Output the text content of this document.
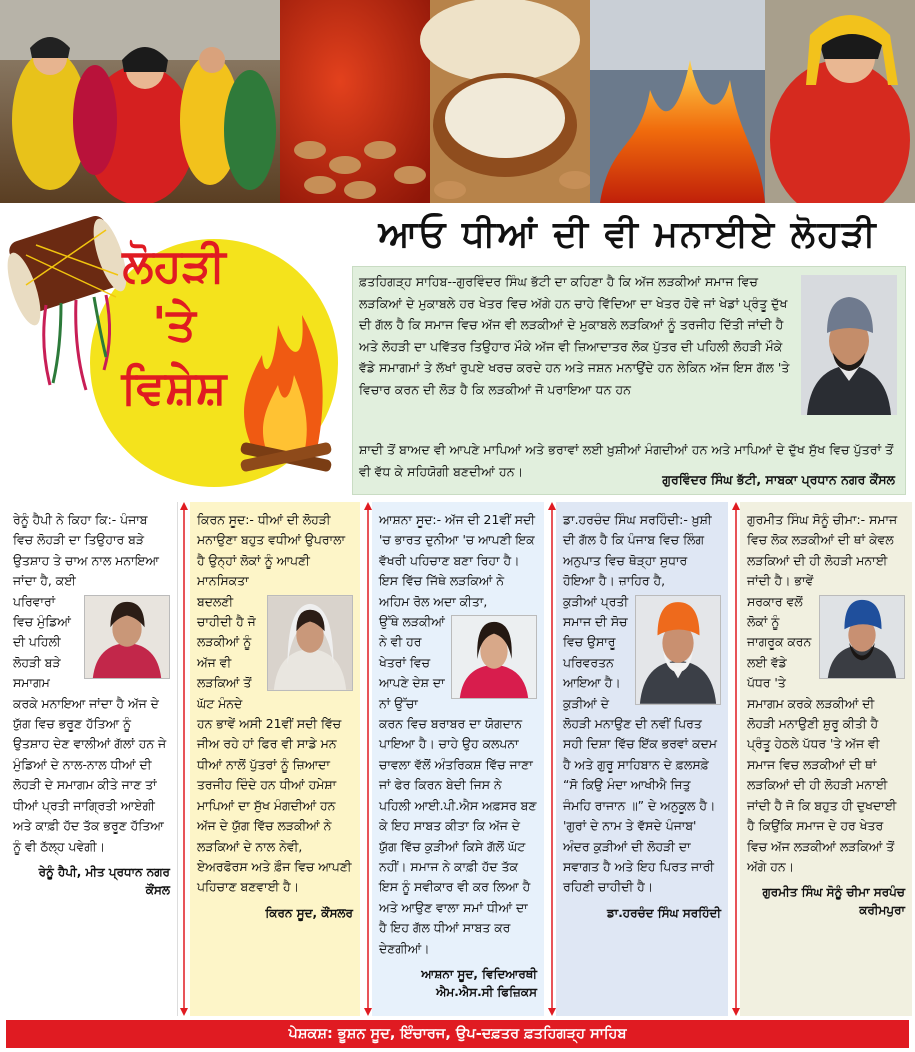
ਲੋਹੜੀ
'ਤੇ
ਵਿਸ਼ੇਸ਼
ਆਓ ਧੀਆਂ ਦੀ ਵੀ ਮਨਾਈਏ ਲੋਹੜੀ
ਫ਼ਤਹਿਗੜ੍ਹ ਸਾਹਿਬ--ਗੁਰਵਿੰਦਰ ਸਿੰਘ ਭੱਟੀ ਦਾ ਕਹਿਣਾ ਹੈ ਕਿ ਅੱਜ ਲੜਕੀਆਂ ਸਮਾਜ ਵਿਚ ਲੜਕਿਆਂ ਦੇ ਮੁਕਾਬਲੇ ਹਰ ਖੇਤਰ ਵਿਚ ਅੱਗੇ ਹਨ ਚਾਹੇ ਵਿੱਦਿਆ ਦਾ ਖੇਤਰ ਹੋਵੇ ਜਾਂ ਖੇਡਾਂ ਪ੍ਰੰਤੂ ਦੁੱਖ ਦੀ ਗੱਲ ਹੈ ਕਿ ਸਮਾਜ ਵਿਚ ਅੱਜ ਵੀ ਲੜਕੀਆਂ ਦੇ ਮੁਕਾਬਲੇ ਲੜਕਿਆਂ ਨੂੰ ਤਰਜੀਹ ਦਿੱਤੀ ਜਾਂਦੀ ਹੈ ਅਤੇ ਲੋਹੜੀ ਦਾ ਪਵਿੱਤਰ ਤਿਉਹਾਰ ਮੌਕੇ ਅੱਜ ਵੀ ਜ਼ਿਆਦਾਤਰ ਲੋਕ ਪੁੱਤਰ ਦੀ ਪਹਿਲੀ ਲੋਹੜੀ ਮੌਕੇ ਵੱਡੇ ਸਮਾਗਮਾਂ ਤੇ ਲੱਖਾਂ ਰੁਪਏ ਖਰਚ ਕਰਦੇ ਹਨ ਅਤੇ ਜਸ਼ਨ ਮਨਾਉਂਦੇ ਹਨ ਲੇਕਿਨ ਅੱਜ ਇਸ ਗੱਲ 'ਤੇ ਵਿਚਾਰ ਕਰਨ ਦੀ ਲੋੜ ਹੈ ਕਿ ਲੜਕੀਆਂ ਜੋ ਪਰਾਇਆ ਧਨ ਹਨ
ਸ਼ਾਦੀ ਤੋਂ ਬਾਅਦ ਵੀ ਆਪਣੇ ਮਾਪਿਆਂ ਅਤੇ ਭਰਾਵਾਂ ਲਈ ਖ਼ੁਸ਼ੀਆਂ ਮੰਗਦੀਆਂ ਹਨ ਅਤੇ ਮਾਪਿਆਂ ਦੇ ਦੁੱਖ ਸੁੱਖ ਵਿਚ ਪੁੱਤਰਾਂ ਤੋਂ ਵੀ ਵੱਧ ਕੇ ਸਹਿਯੋਗੀ ਬਣਦੀਆਂ ਹਨ।
ਗੁਰਵਿੰਦਰ ਸਿੰਘ ਭੱਟੀ, ਸਾਬਕਾ ਪ੍ਰਧਾਨ ਨਗਰ ਕੌਂਸਲ

ਰੇਨੂੰ ਹੈਪੀ ਨੇ ਕਿਹਾ ਕਿ:- ਪੰਜਾਬ ਵਿਚ ਲੋਹੜੀ ਦਾ ਤਿਉਹਾਰ ਬੜੇ ਉਤਸ਼ਾਹ ਤੇ ਚਾਅ ਨਾਲ ਮਨਾਇਆ ਜਾਂਦਾ ਹੈ, ਕਈ

ਪਰਿਵਾਰਾਂ ਵਿਚ ਮੁੰਡਿਆਂ ਦੀ ਪਹਿਲੀ ਲੋਹੜੀ ਬੜੇ ਸਮਾਗਮ ਕਰਕੇ ਮਨਾਇਆ ਜਾਂਦਾ ਹੈ ਅੱਜ ਦੇ ਯੁੱਗ ਵਿਚ ਭਰੂਣ ਹੱਤਿਆ ਨੂੰ ਉਤਸ਼ਾਹ ਦੇਣ ਵਾਲੀਆਂ ਗੱਲਾਂ ਹਨ ਜੇ ਮੁੰਡਿਆਂ ਦੇ ਨਾਲ-ਨਾਲ ਧੀਆਂ ਦੀ ਲੋਹੜੀ ਦੇ ਸਮਾਗਮ ਕੀਤੇ ਜਾਣ ਤਾਂ ਧੀਆਂ ਪ੍ਰਤੀ ਜਾਗ੍ਰਿਤੀ ਆਏਗੀ ਅਤੇ ਕਾਫ਼ੀ ਹੱਦ ਤੱਕ ਭਰੂਣ ਹੱਤਿਆ ਨੂੰ ਵੀ ਠੱਲ੍ਹ ਪਵੇਗੀ।

ਰੇਨੂੰ ਹੈਪੀ, ਮੀਤ ਪ੍ਰਧਾਨ ਨਗਰ ਕੌਂਸਲ

ਕਿਰਨ ਸੂਦ:- ਧੀਆਂ ਦੀ ਲੋਹੜੀ ਮਨਾਉਣਾ ਬਹੁਤ ਵਧੀਆਂ ਉਪਰਾਲਾ ਹੈ ਉਨ੍ਹਾਂ ਲੋਕਾਂ ਨੂੰ ਆਪਣੀ ਮਾਨਸਿਕਤਾ

ਬਦਲਣੀ ਚਾਹੀਦੀ ਹੈ ਜੋ ਲੜਕੀਆਂ ਨੂੰ ਅੱਜ ਵੀ ਲੜਕਿਆਂ ਤੋਂ ਘੱਟ ਮੰਨਦੇ ਹਨ ਭਾਵੇਂ ਅਸੀ 21ਵੀਂ ਸਦੀ ਵਿੱਚ ਜੀਅ ਰਹੇ ਹਾਂ ਫਿਰ ਵੀ ਸਾਡੇ ਮਨ ਧੀਆਂ ਨਾਲੋਂ ਪੁੱਤਰਾਂ ਨੂੰ ਜ਼ਿਆਦਾ ਤਰਜੀਹ ਦਿੰਦੇ ਹਨ ਧੀਆਂ ਹਮੇਸ਼ਾ ਮਾਪਿਆਂ ਦਾ ਸੁੱਖ ਮੰਗਦੀਆਂ ਹਨ ਅੱਜ ਦੇ ਯੁੱਗ ਵਿੱਚ ਲੜਕੀਆਂ ਨੇ ਲੜਕਿਆਂ ਦੇ ਨਾਲ ਨੇਵੀ, ਏਅਰਫੋਰਸ ਅਤੇ ਫ਼ੌਜ ਵਿਚ ਆਪਣੀ ਪਹਿਚਾਣ ਬਣਵਾਈ ਹੈ।

ਕਿਰਨ ਸੂਦ, ਕੌਂਸਲਰ

ਆਸ਼ਨਾ ਸੂਦ:- ਅੱਜ ਦੀ 21ਵੀਂ ਸਦੀ 'ਚ ਭਾਰਤ ਦੁਨੀਆ 'ਚ ਆਪਣੀ ਇਕ ਵੱਖਰੀ ਪਹਿਚਾਣ ਬਣਾ ਰਿਹਾ ਹੈ। ਇਸ ਵਿੱਚ ਜਿੱਥੇ ਲੜਕਿਆਂ ਨੇ ਅਹਿਮ ਰੋਲ ਅਦਾ ਕੀਤਾ,

ਉੱਥੇ ਲੜਕੀਆਂ ਨੇ ਵੀ ਹਰ ਖੇਤਰਾਂ ਵਿਚ ਆਪਣੇ ਦੇਸ਼ ਦਾ ਨਾਂ ਉੱਚਾ ਕਰਨ ਵਿਚ ਬਰਾਬਰ ਦਾ ਯੋਗਦਾਨ ਪਾਇਆ ਹੈ। ਚਾਹੇ ਉਹ ਕਲਪਨਾ ਚਾਵਲਾ ਵੱਲੋਂ ਅੰਤਰਿਕਸ਼ ਵਿੱਚ ਜਾਣਾ ਜਾਂ ਫੇਰ ਕਿਰਨ ਬੇਦੀ ਜਿਸ ਨੇ ਪਹਿਲੀ ਆਈ.ਪੀ.ਐਸ ਅਫ਼ਸਰ ਬਣ ਕੇ ਇਹ ਸਾਬਤ ਕੀਤਾ ਕਿ ਅੱਜ ਦੇ ਯੁੱਗ ਵਿੱਚ ਕੁੜੀਆਂ ਕਿਸੇ ਗੱਲੋਂ ਘੱਟ ਨਹੀਂ। ਸਮਾਜ ਨੇ ਕਾਫ਼ੀ ਹੱਦ ਤੱਕ ਇਸ ਨੂੰ ਸਵੀਕਾਰ ਵੀ ਕਰ ਲਿਆ ਹੈ ਅਤੇ ਆਉਣ ਵਾਲਾ ਸਮਾਂ ਧੀਆਂ ਦਾ ਹੈ ਇਹ ਗੱਲ ਧੀਆਂ ਸਾਬਤ ਕਰ ਦੇਣਗੀਆਂ।

ਆਸ਼ਨਾ ਸੂਦ, ਵਿਦਿਆਰਥੀ ਐਮ.ਐਸ.ਸੀ ਫਿਜ਼ਿਕਸ

ਡਾ.ਹਰਚੰਦ ਸਿੰਘ ਸਰਹਿੰਦੀ:- ਖ਼ੁਸ਼ੀ ਦੀ ਗੱਲ ਹੈ ਕਿ ਪੰਜਾਬ ਵਿਚ ਲਿੰਗ ਅਨੁਪਾਤ ਵਿਚ ਥੋੜ੍ਹਾ ਸੁਧਾਰ ਹੋਇਆ ਹੈ। ਜ਼ਾਹਿਰ ਹੈ,

ਕੁੜੀਆਂ ਪ੍ਰਤੀ ਸਮਾਜ ਦੀ ਸੋਚ ਵਿਚ ਉਸਾਰੂ ਪਰਿਵਰਤਨ ਆਇਆ ਹੈ। ਕੁੜੀਆਂ ਦੇ ਲੋਹੜੀ ਮਨਾਉਣ ਦੀ ਨਵੀਂ ਪਿਰਤ ਸਹੀ ਦਿਸ਼ਾ ਵਿੱਚ ਇੱਕ ਭਰਵਾਂ ਕਦਮ ਹੈ ਅਤੇ ਗੁਰੂ ਸਾਹਿਬਾਨ ਦੇ ਫ਼ਲਸਫ਼ੇ “ਸੋ ਕਿਉ ਮੰਦਾ ਆਖੀਐ ਜਿਤੁ ਜੰਮਹਿ ਰਾਜਾਨ ॥” ਦੇ ਅਨੁਕੂਲ ਹੈ। 'ਗੁਰਾਂ ਦੇ ਨਾਮ ਤੇ ਵੱਸਦੇ ਪੰਜਾਬ' ਅੰਦਰ ਕੁੜੀਆਂ ਦੀ ਲੋਹੜੀ ਦਾ ਸਵਾਗਤ ਹੈ ਅਤੇ ਇਹ ਪਿਰਤ ਜਾਰੀ ਰਹਿਣੀ ਚਾਹੀਦੀ ਹੈ।

ਡਾ.ਹਰਚੰਦ ਸਿੰਘ ਸਰਹਿੰਦੀ

ਗੁਰਮੀਤ ਸਿੰਘ ਸੋਨੂੰ ਚੀਮਾ:- ਸਮਾਜ ਵਿਚ ਲੋਕ ਲੜਕੀਆਂ ਦੀ ਥਾਂ ਕੇਵਲ ਲੜਕਿਆਂ ਦੀ ਹੀ ਲੋਹੜੀ ਮਨਾਈ ਜਾਂਦੀ ਹੈ। ਭਾਵੇਂ

ਸਰਕਾਰ ਵਲੋਂ ਲੋਕਾਂ ਨੂੰ ਜਾਗਰੂਕ ਕਰਨ ਲਈ ਵੱਡੇ ਪੱਧਰ 'ਤੇ ਸਮਾਗਮ ਕਰਕੇ ਲੜਕੀਆਂ ਦੀ ਲੋਹੜੀ ਮਨਾਉਣੀ ਸ਼ੁਰੂ ਕੀਤੀ ਹੈ ਪ੍ਰੰਤੂ ਹੇਠਲੇ ਪੱਧਰ 'ਤੇ ਅੱਜ ਵੀ ਸਮਾਜ ਵਿਚ ਲੜਕੀਆਂ ਦੀ ਥਾਂ ਲੜਕਿਆਂ ਦੀ ਹੀ ਲੋਹੜੀ ਮਨਾਈ ਜਾਂਦੀ ਹੈ ਜੋ ਕਿ ਬਹੁਤ ਹੀ ਦੁਖਦਾਈ ਹੈ ਕਿਉਂਕਿ ਸਮਾਜ ਦੇ ਹਰ ਖੇਤਰ ਵਿਚ ਅੱਜ ਲੜਕੀਆਂ ਲੜਕਿਆਂ ਤੋਂ ਅੱਗੇ ਹਨ।

ਗੁਰਮੀਤ ਸਿੰਘ ਸੋਨੂੰ ਚੀਮਾ ਸਰਪੰਚ ਕਰੀਮਪੁਰਾ

ਪੇਸ਼ਕਸ਼: ਭੂਸ਼ਨ ਸੂਦ, ਇੰਚਾਰਜ, ਉਪ-ਦਫ਼ਤਰ ਫ਼ਤਹਿਗੜ੍ਹ ਸਾਹਿਬ
